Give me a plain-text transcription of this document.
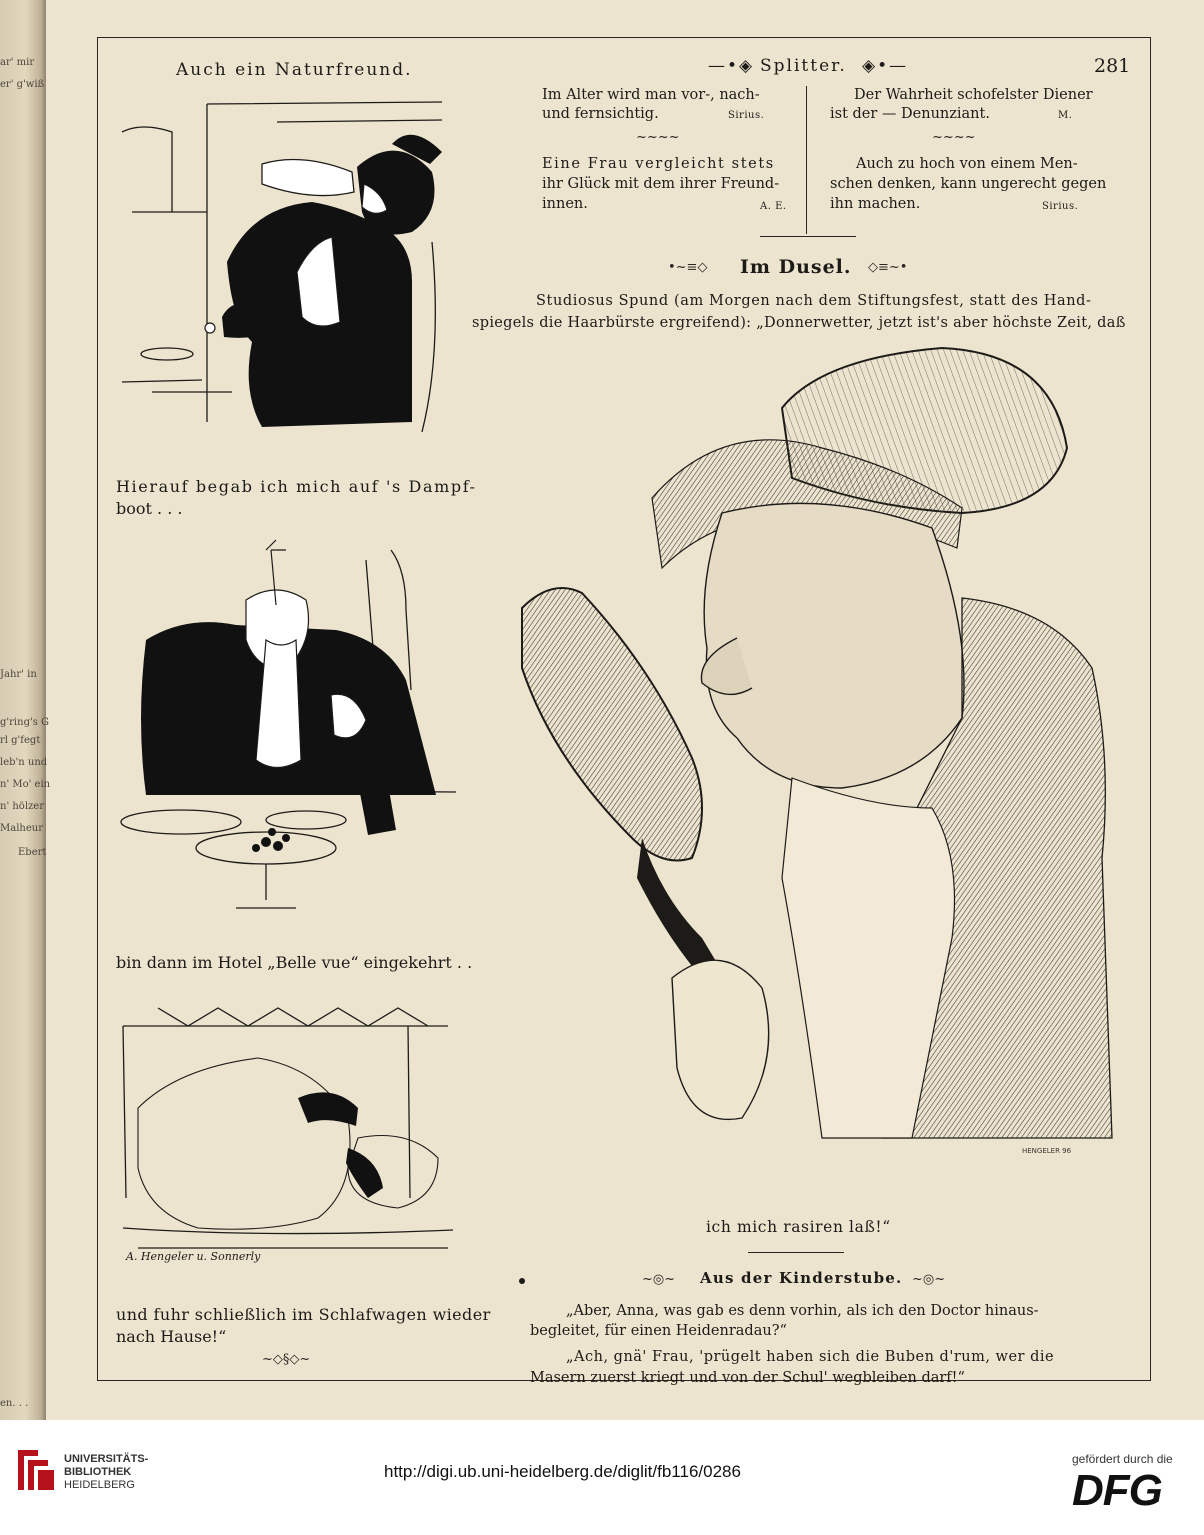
ar' mir
er' g'wiß
Jahr' in
g'ring's G
rl g'fegt
leb'n und
n' Mo' ein
n' hölzer
Malheur
Ebert
en. . .

Auch ein Naturfreund.

Hierauf begab ich mich auf 's Dampf-

boot . . .

bin dann im Hotel „Belle vue“ eingekehrt . .

A. Hengeler u. Sonnerly

und fuhr schließlich im Schlafwagen wieder

nach Hause!“

~◇§◇~

—•◈ Splitter. ◈•—	281

Im Alter wird man vor-, nach-

und fernsichtig.	Sirius.

Der Wahrheit schofelster Diener

ist der — Denunziant.	M.

~~~~	~~~~

Eine Frau vergleicht stets

ihr Glück mit dem ihrer Freund-

innen.	A. E.

Auch zu hoch von einem Men-

schen denken, kann ungerecht gegen

ihn machen.	Sirius.

•~≡◇ Im Dusel. ◇≡~•

Studiosus Spund (am Morgen nach dem Stiftungsfest, statt des Hand-

spiegels die Haarbürste ergreifend): „Donnerwetter, jetzt ist's aber höchste Zeit, daß

HENGELER 96

ich mich rasiren laß!“

~◎~ Aus der Kinderstube. ~◎~

„Aber, Anna, was gab es denn vorhin, als ich den Doctor hinaus-

begleitet, für einen Heidenradau?“

„Ach, gnä' Frau, 'prügelt haben sich die Buben d'rum, wer die

Masern zuerst kriegt und von der Schul' wegbleiben darf!“

UNIVERSITÄTS-

BIBLIOTHEK

HEIDELBERG

http://digi.ub.uni-heidelberg.de/diglit/fb116/0286

gefördert durch die

DFG
